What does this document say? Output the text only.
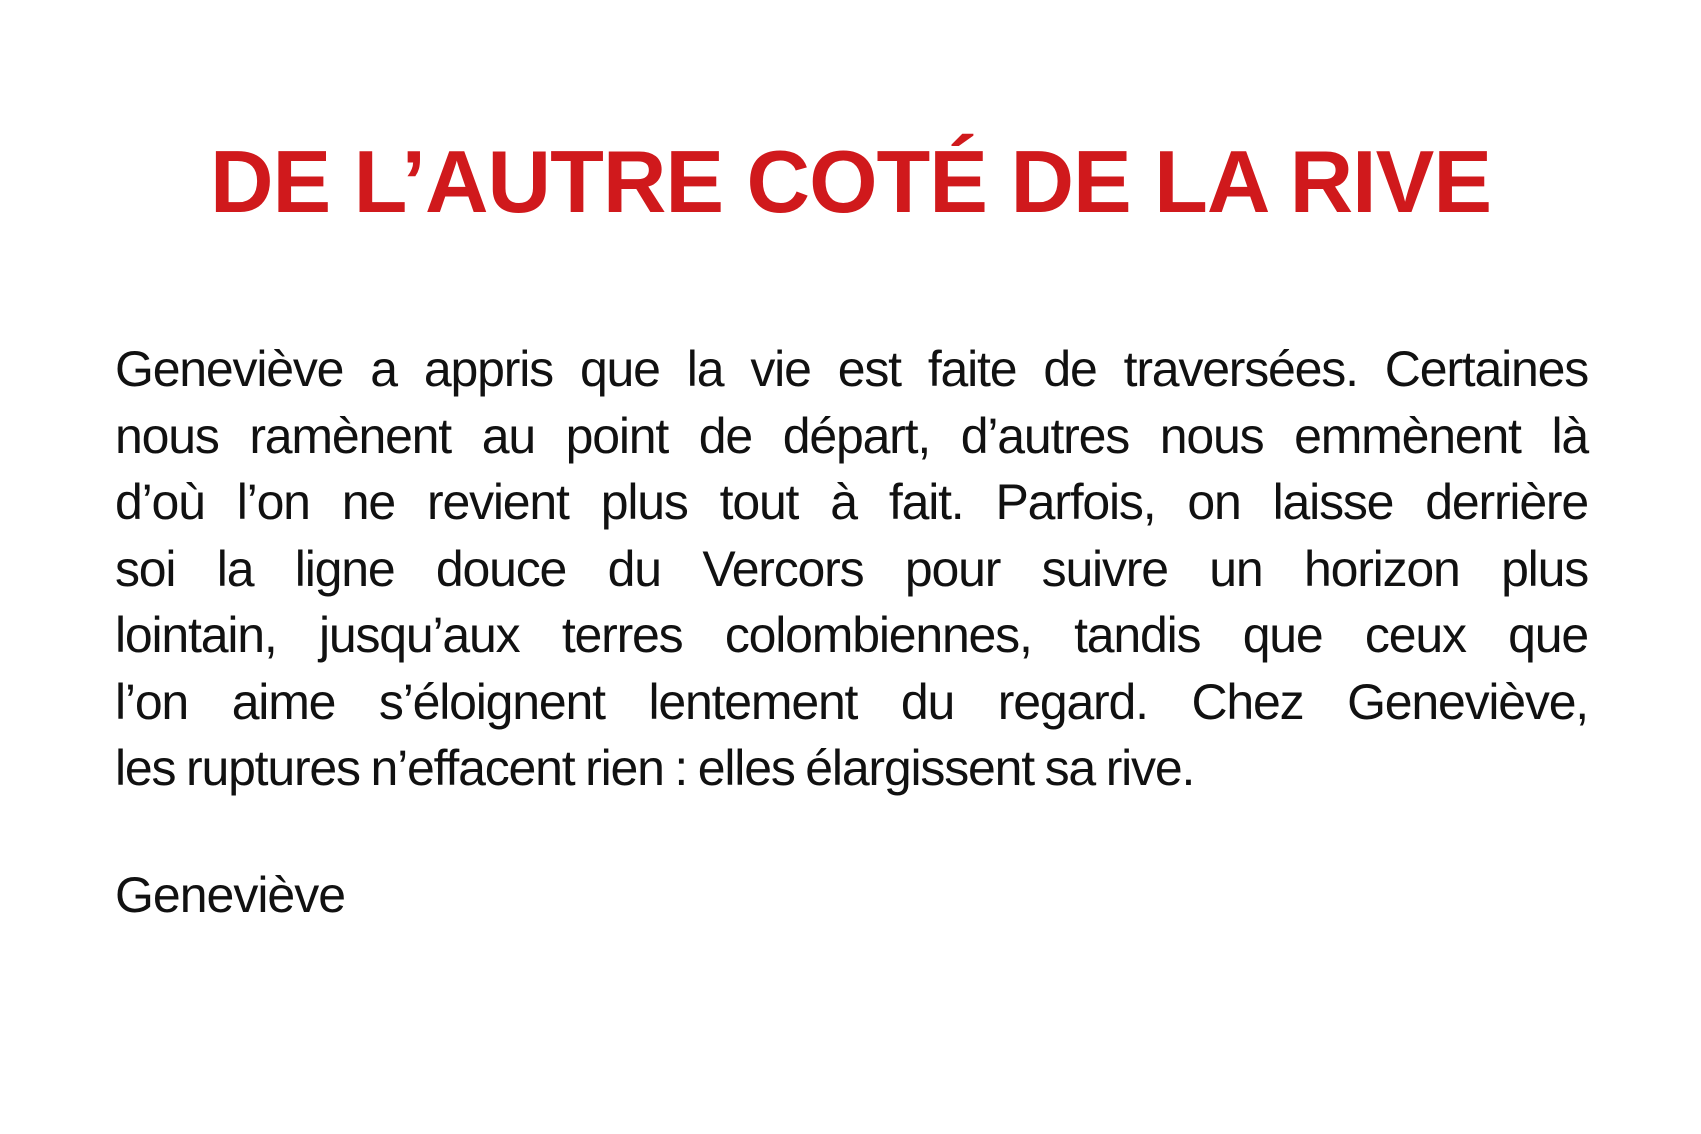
DE L’AUTRE COTÉ DE LA RIVE
Geneviève a appris que la vie est faite de traversées. Certaines
nous ramènent au point de départ, d’autres nous emmènent là
d’où l’on ne revient plus tout à fait. Parfois, on laisse derrière
soi la ligne douce du Vercors pour suivre un horizon plus
lointain, jusqu’aux terres colombiennes, tandis que ceux que
l’on aime s’éloignent lentement du regard. Chez Geneviève,
les ruptures n’effacent rien : elles élargissent sa rive.
Geneviève
